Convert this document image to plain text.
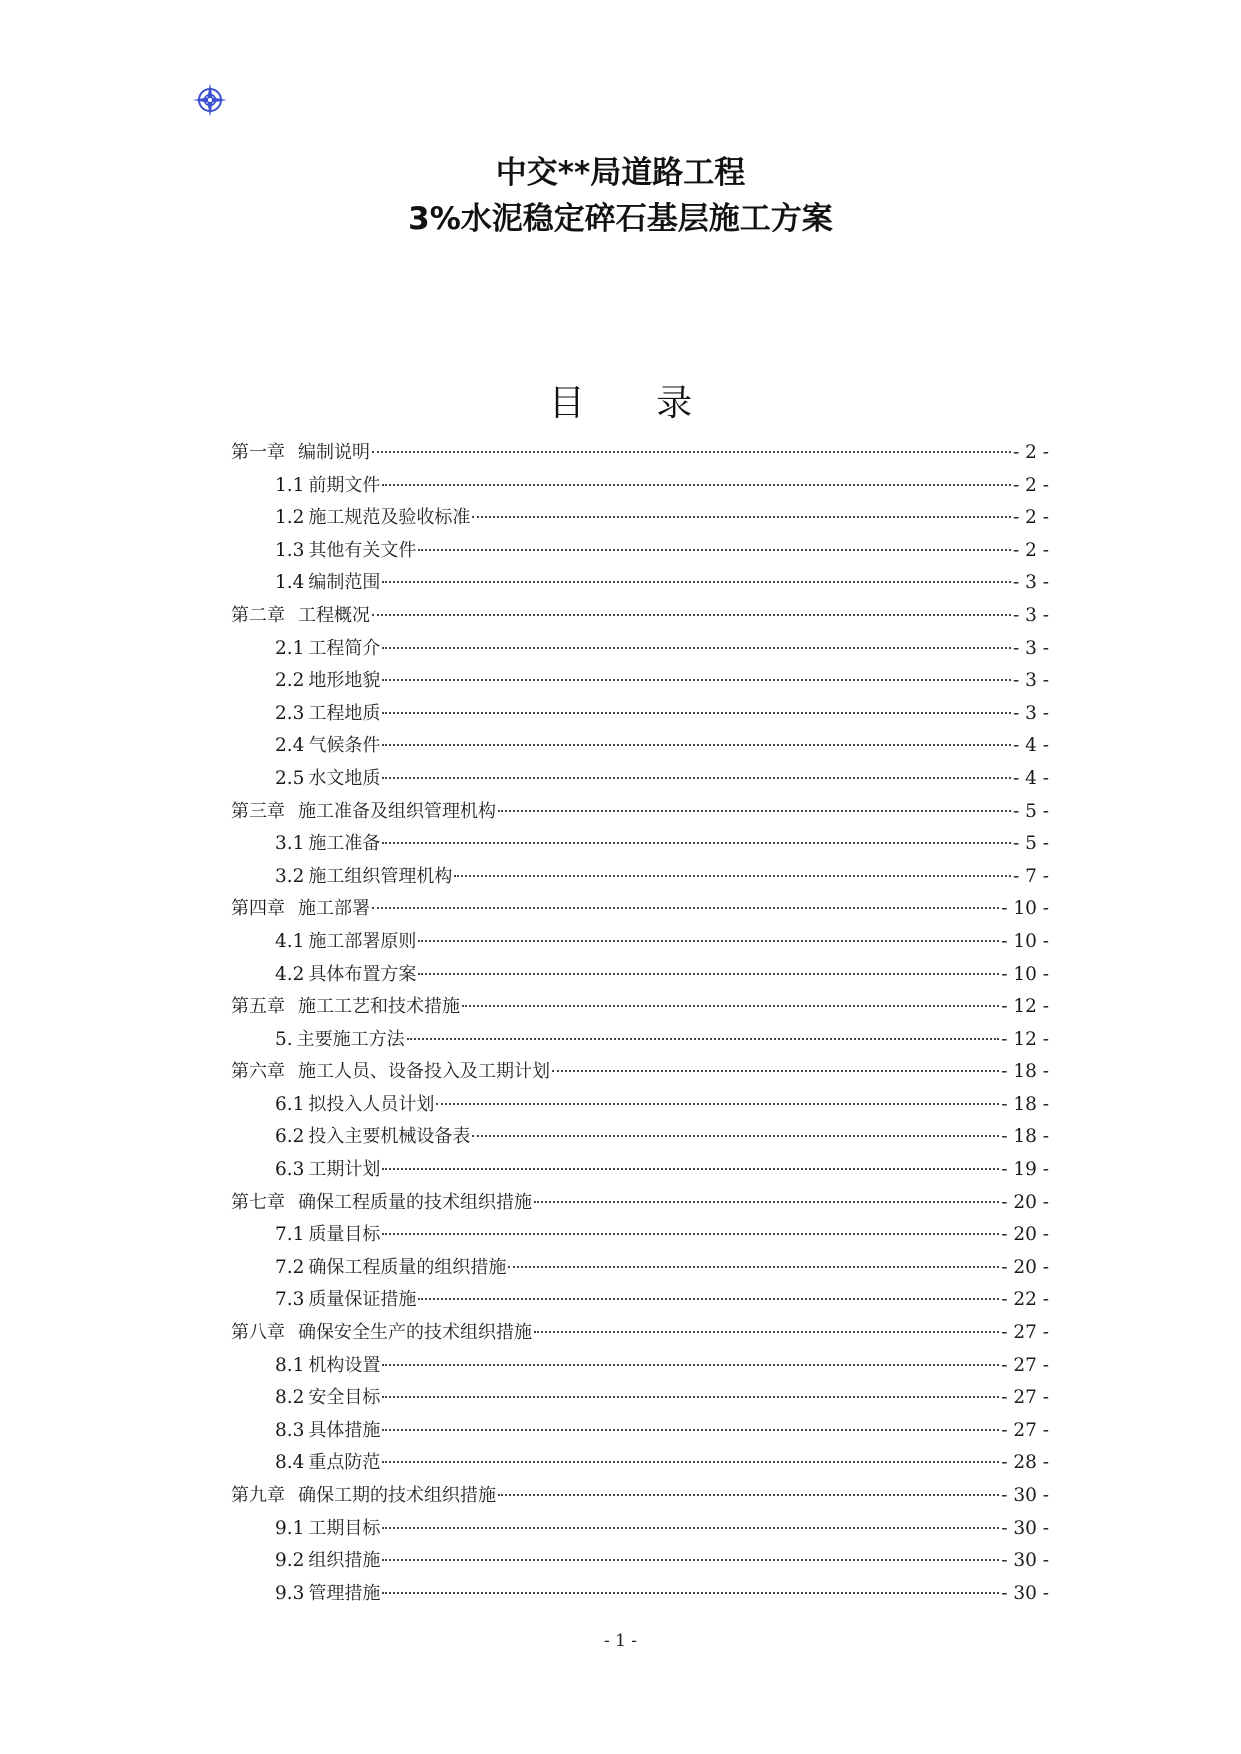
中交**局道路工程
3%水泥稳定碎石基层施工方案
目 录
第一章 编制说明	- 2 -
1.1 前期文件	- 2 -
1.2 施工规范及验收标准	- 2 -
1.3 其他有关文件	- 2 -
1.4 编制范围	- 3 -
第二章 工程概况	- 3 -
2.1 工程简介	- 3 -
2.2 地形地貌	- 3 -
2.3 工程地质	- 3 -
2.4 气候条件	- 4 -
2.5 水文地质	- 4 -
第三章 施工准备及组织管理机构	- 5 -
3.1 施工准备	- 5 -
3.2 施工组织管理机构	- 7 -
第四章 施工部署	- 10 -
4.1 施工部署原则	- 10 -
4.2 具体布置方案	- 10 -
第五章 施工工艺和技术措施	- 12 -
5. 主要施工方法	- 12 -
第六章 施工人员、设备投入及工期计划	- 18 -
6.1 拟投入人员计划	- 18 -
6.2 投入主要机械设备表	- 18 -
6.3 工期计划	- 19 -
第七章 确保工程质量的技术组织措施	- 20 -
7.1 质量目标	- 20 -
7.2 确保工程质量的组织措施	- 20 -
7.3 质量保证措施	- 22 -
第八章 确保安全生产的技术组织措施	- 27 -
8.1 机构设置	- 27 -
8.2 安全目标	- 27 -
8.3 具体措施	- 27 -
8.4 重点防范	- 28 -
第九章 确保工期的技术组织措施	- 30 -
9.1 工期目标	- 30 -
9.2 组织措施	- 30 -
9.3 管理措施	- 30 -
- 1 -
